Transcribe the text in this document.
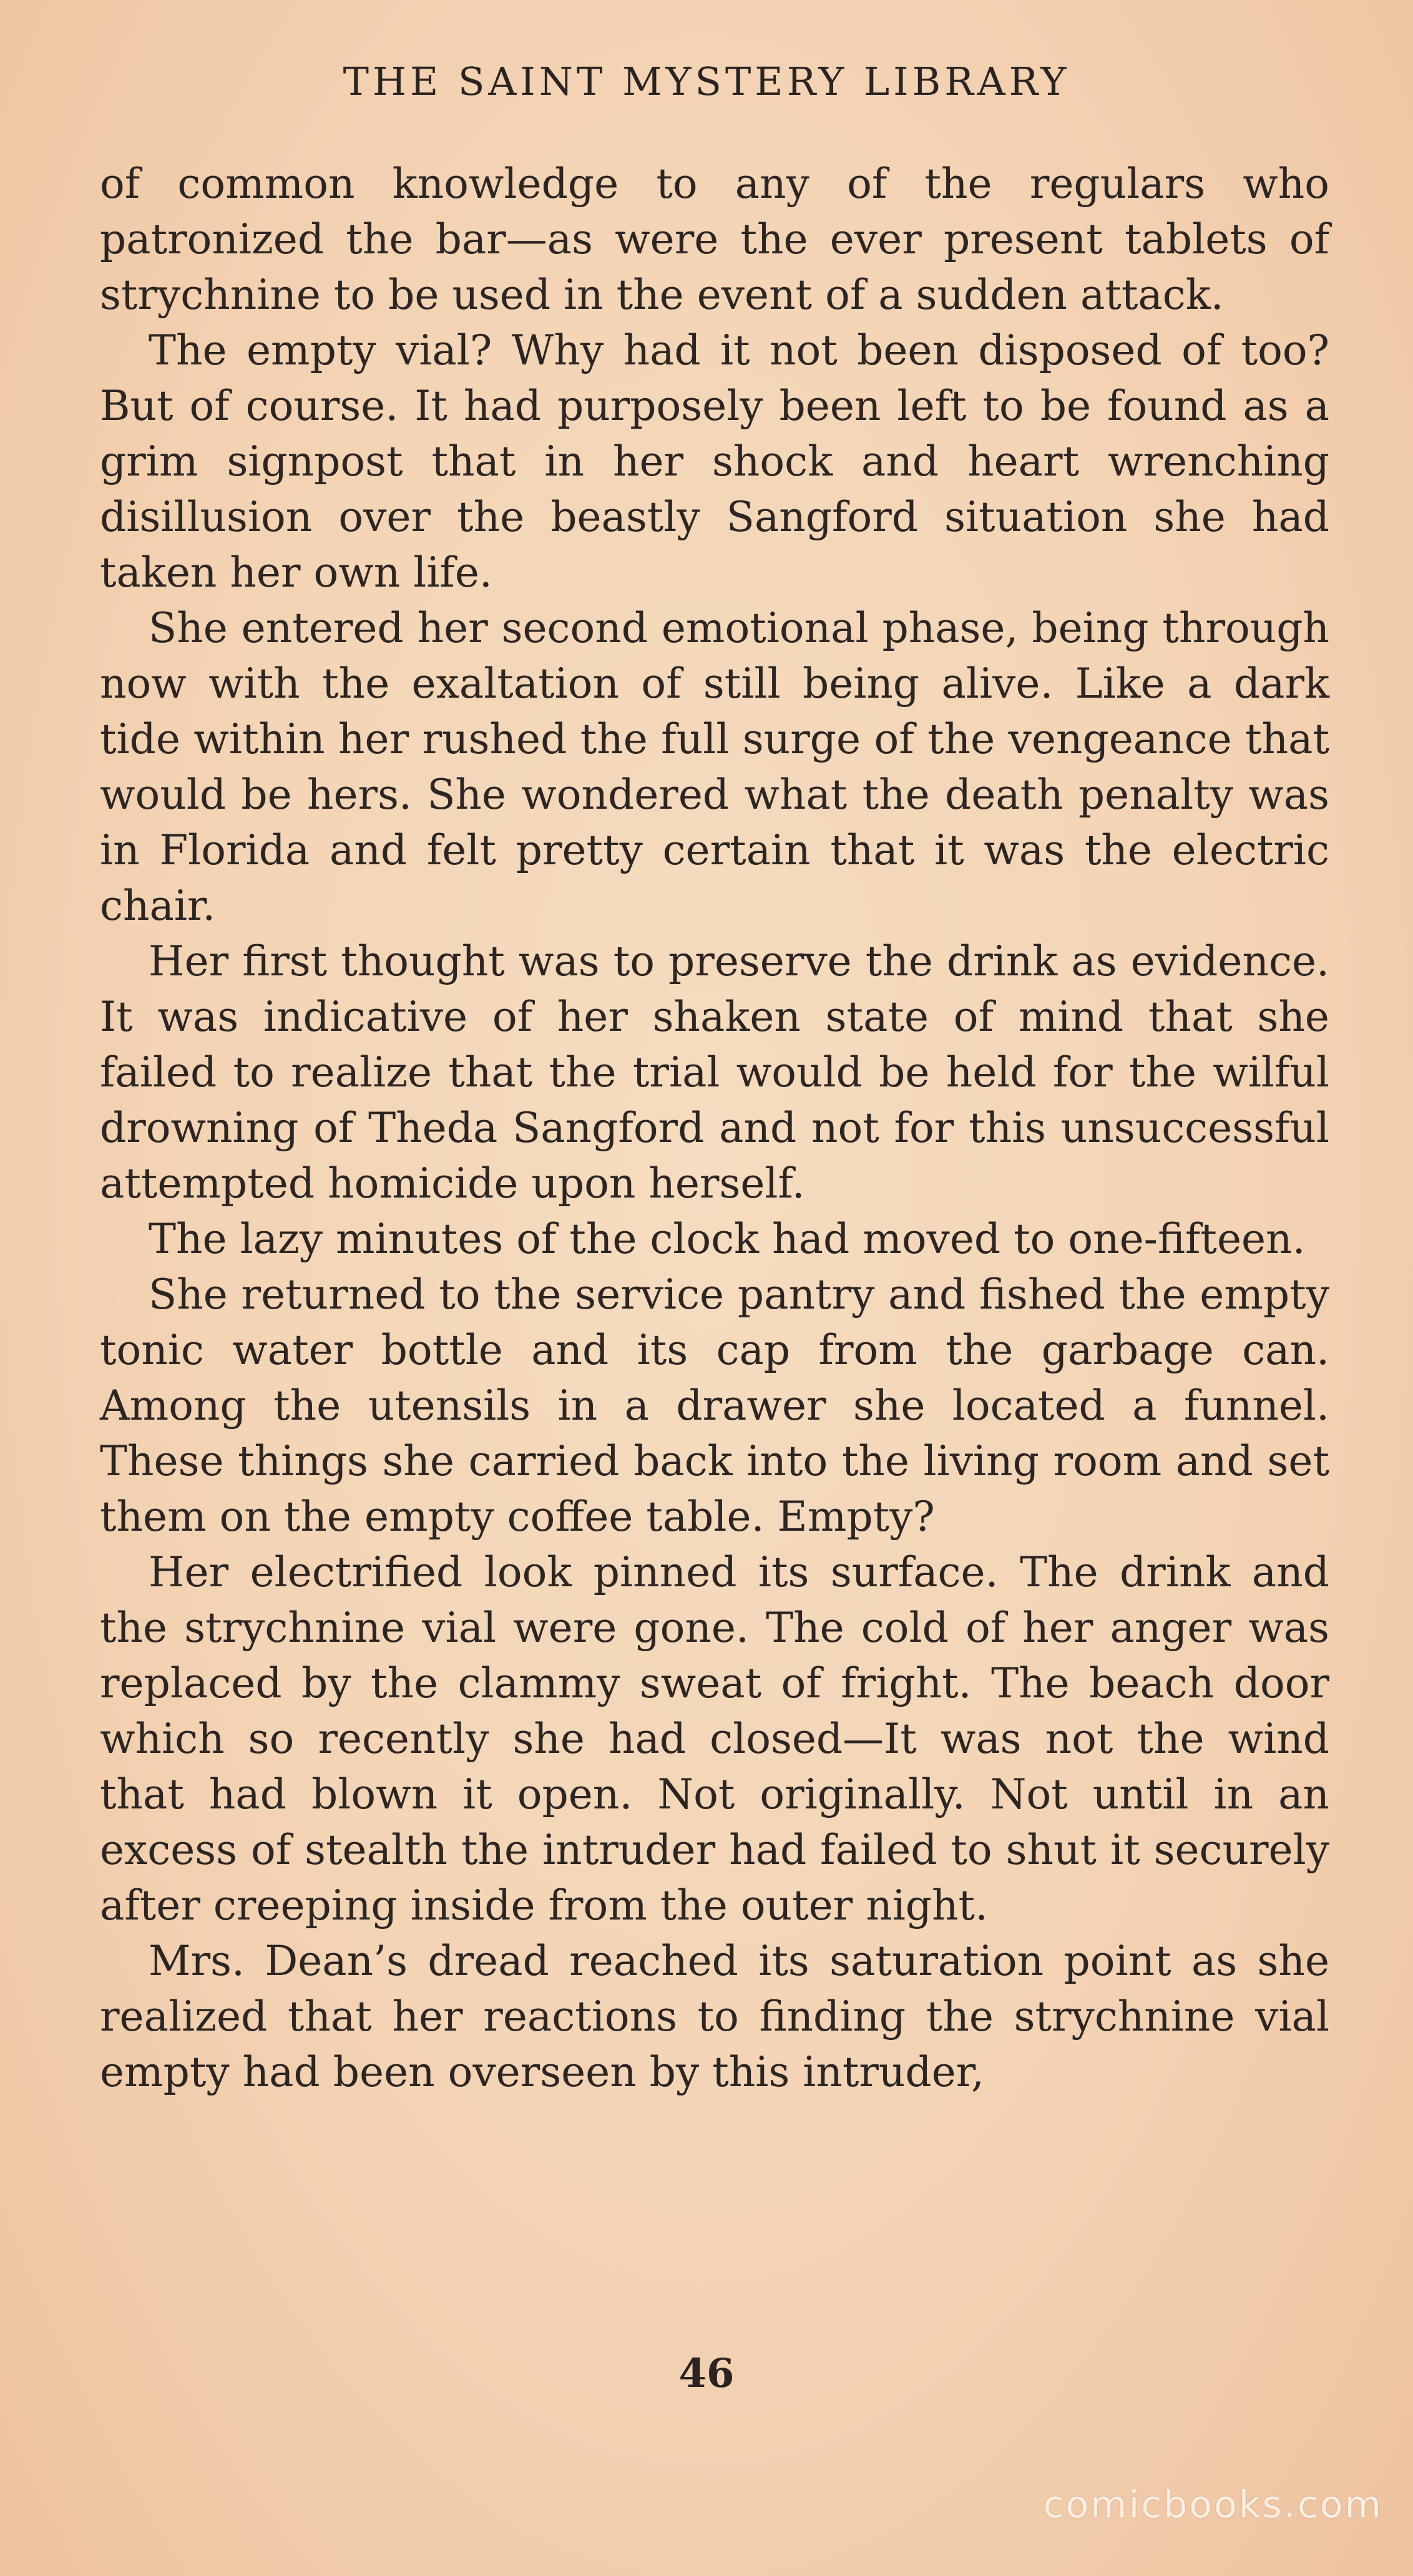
THE SAINT MYSTERY LIBRARY

of common knowledge to any of the regulars who patronized the bar—as were the ever present tablets of strychnine to be used in the event of a sudden attack.

The empty vial? Why had it not been disposed of too? But of course. It had purposely been left to be found as a grim signpost that in her shock and heart wrenching disillusion over the beastly Sangford situation she had taken her own life.

She entered her second emotional phase, being through now with the exaltation of still being alive. Like a dark tide within her rushed the full surge of the vengeance that would be hers. She wondered what the death penalty was in Florida and felt pretty certain that it was the electric chair.

Her first thought was to preserve the drink as evidence. It was indicative of her shaken state of mind that she failed to realize that the trial would be held for the wilful drowning of Theda Sangford and not for this unsuccessful attempted homicide upon herself.

The lazy minutes of the clock had moved to one-fifteen.

She returned to the service pantry and fished the empty tonic water bottle and its cap from the garbage can. Among the utensils in a drawer she located a funnel. These things she carried back into the living room and set them on the empty coffee table. Empty?

Her electrified look pinned its surface. The drink and the strychnine vial were gone. The cold of her anger was replaced by the clammy sweat of fright. The beach door which so recently she had closed—It was not the wind that had blown it open. Not originally. Not until in an excess of stealth the intruder had failed to shut it securely after creeping inside from the outer night.

Mrs. Dean’s dread reached its saturation point as she realized that her reactions to finding the strychnine vial empty had been overseen by this intruder,

46
comicbooks.com
